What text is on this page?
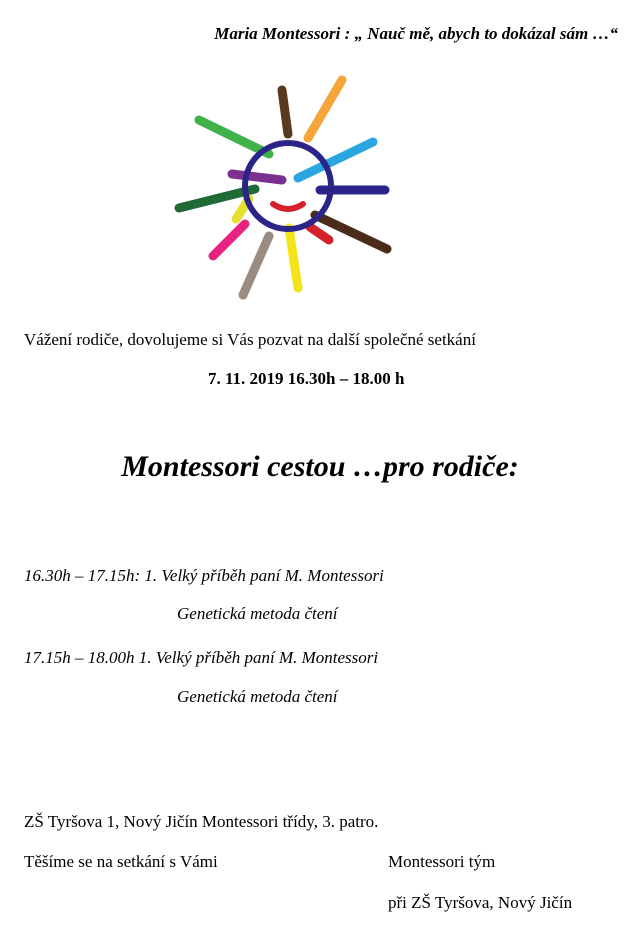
Maria Montessori : „ Nauč mě, abych to dokázal sám …“
Vážení rodiče, dovolujeme si Vás pozvat na další společné setkání
7. 11. 2019 16.30h – 18.00 h
Montessori cestou …pro rodiče:
16.30h – 17.15h: 1. Velký příběh paní M. Montessori
Genetická metoda čtení
17.15h – 18.00h 1. Velký příběh paní M. Montessori
Genetická metoda čtení
ZŠ Tyršova 1, Nový Jičín Montessori třídy, 3. patro.
Těšíme se na setkání s Vámi	Montessori tým
při ZŠ Tyršova, Nový Jičín
